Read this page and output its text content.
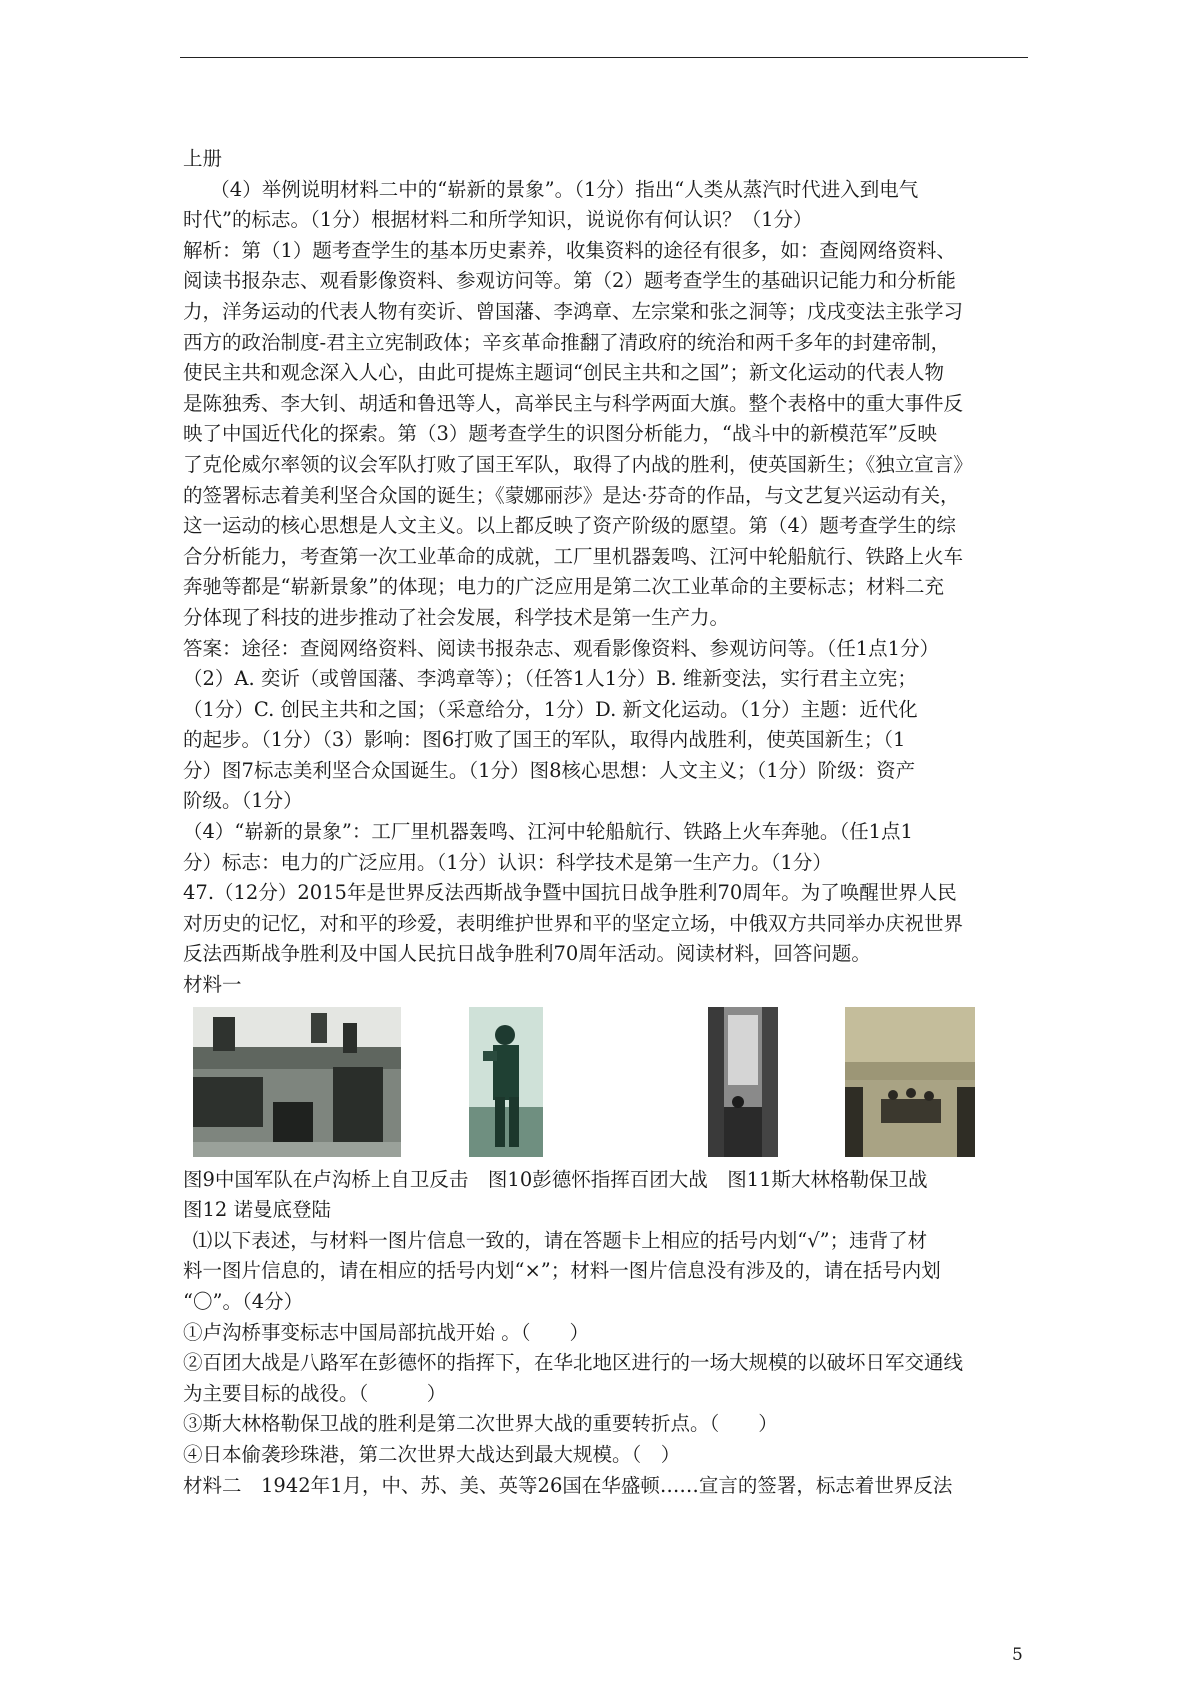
上册

（4）举例说明材料二中的“崭新的景象”。（1分）指出“人类从蒸汽时代进入到电气

时代”的标志。（1分）根据材料二和所学知识，说说你有何认识？（1分）

解析：第（1）题考查学生的基本历史素养，收集资料的途径有很多，如：查阅网络资料、

阅读书报杂志、观看影像资料、参观访问等。第（2）题考查学生的基础识记能力和分析能

力，洋务运动的代表人物有奕䜣、曾国藩、李鸿章、左宗棠和张之洞等；戊戌变法主张学习

西方的政治制度-君主立宪制政体；辛亥革命推翻了清政府的统治和两千多年的封建帝制，

使民主共和观念深入人心，由此可提炼主题词“创民主共和之国”；新文化运动的代表人物

是陈独秀、李大钊、胡适和鲁迅等人，高举民主与科学两面大旗。整个表格中的重大事件反

映了中国近代化的探索。第（3）题考查学生的识图分析能力，“战斗中的新模范军”反映

了克伦威尔率领的议会军队打败了国王军队，取得了内战的胜利，使英国新生；《独立宣言》

的签署标志着美利坚合众国的诞生；《蒙娜丽莎》是达·芬奇的作品，与文艺复兴运动有关，

这一运动的核心思想是人文主义。以上都反映了资产阶级的愿望。第（4）题考查学生的综

合分析能力，考查第一次工业革命的成就，工厂里机器轰鸣、江河中轮船航行、铁路上火车

奔驰等都是“崭新景象”的体现；电力的广泛应用是第二次工业革命的主要标志；材料二充

分体现了科技的进步推动了社会发展，科学技术是第一生产力。

答案：途径：查阅网络资料、阅读书报杂志、观看影像资料、参观访问等。（任1点1分）

（2）A. 奕䜣（或曾国藩、李鸿章等）；（任答1人1分）B. 维新变法，实行君主立宪；

（1分）C. 创民主共和之国；（采意给分，1分）D. 新文化运动。（1分）主题：近代化

的起步。（1分）（3）影响：图6打败了国王的军队，取得内战胜利，使英国新生；（1

分）图7标志美利坚合众国诞生。（1分）图8核心思想：人文主义；（1分）阶级：资产

阶级。（1分）

（4）“崭新的景象”：工厂里机器轰鸣、江河中轮船航行、铁路上火车奔驰。（任1点1

分）标志：电力的广泛应用。（1分）认识：科学技术是第一生产力。（1分）

47.（12分）2015年是世界反法西斯战争暨中国抗日战争胜利70周年。为了唤醒世界人民

对历史的记忆，对和平的珍爱，表明维护世界和平的坚定立场，中俄双方共同举办庆祝世界

反法西斯战争胜利及中国人民抗日战争胜利70周年活动。阅读材料，回答问题。

材料一

图9中国军队在卢沟桥上自卫反击　图10彭德怀指挥百团大战　图11斯大林格勒保卫战

图12 诺曼底登陆

⑴以下表述，与材料一图片信息一致的，请在答题卡上相应的括号内划“√”；违背了材

料一图片信息的，请在相应的括号内划“×”；材料一图片信息没有涉及的，请在括号内划

“〇”。（4分）

①卢沟桥事变标志中国局部抗战开始 。（　　）

②百团大战是八路军在彭德怀的指挥下，在华北地区进行的一场大规模的以破坏日军交通线

为主要目标的战役。（　　　）

③斯大林格勒保卫战的胜利是第二次世界大战的重要转折点。（　　）

④日本偷袭珍珠港，第二次世界大战达到最大规模。（　）

材料二　1942年1月，中、苏、美、英等26国在华盛顿……宣言的签署，标志着世界反法

5
